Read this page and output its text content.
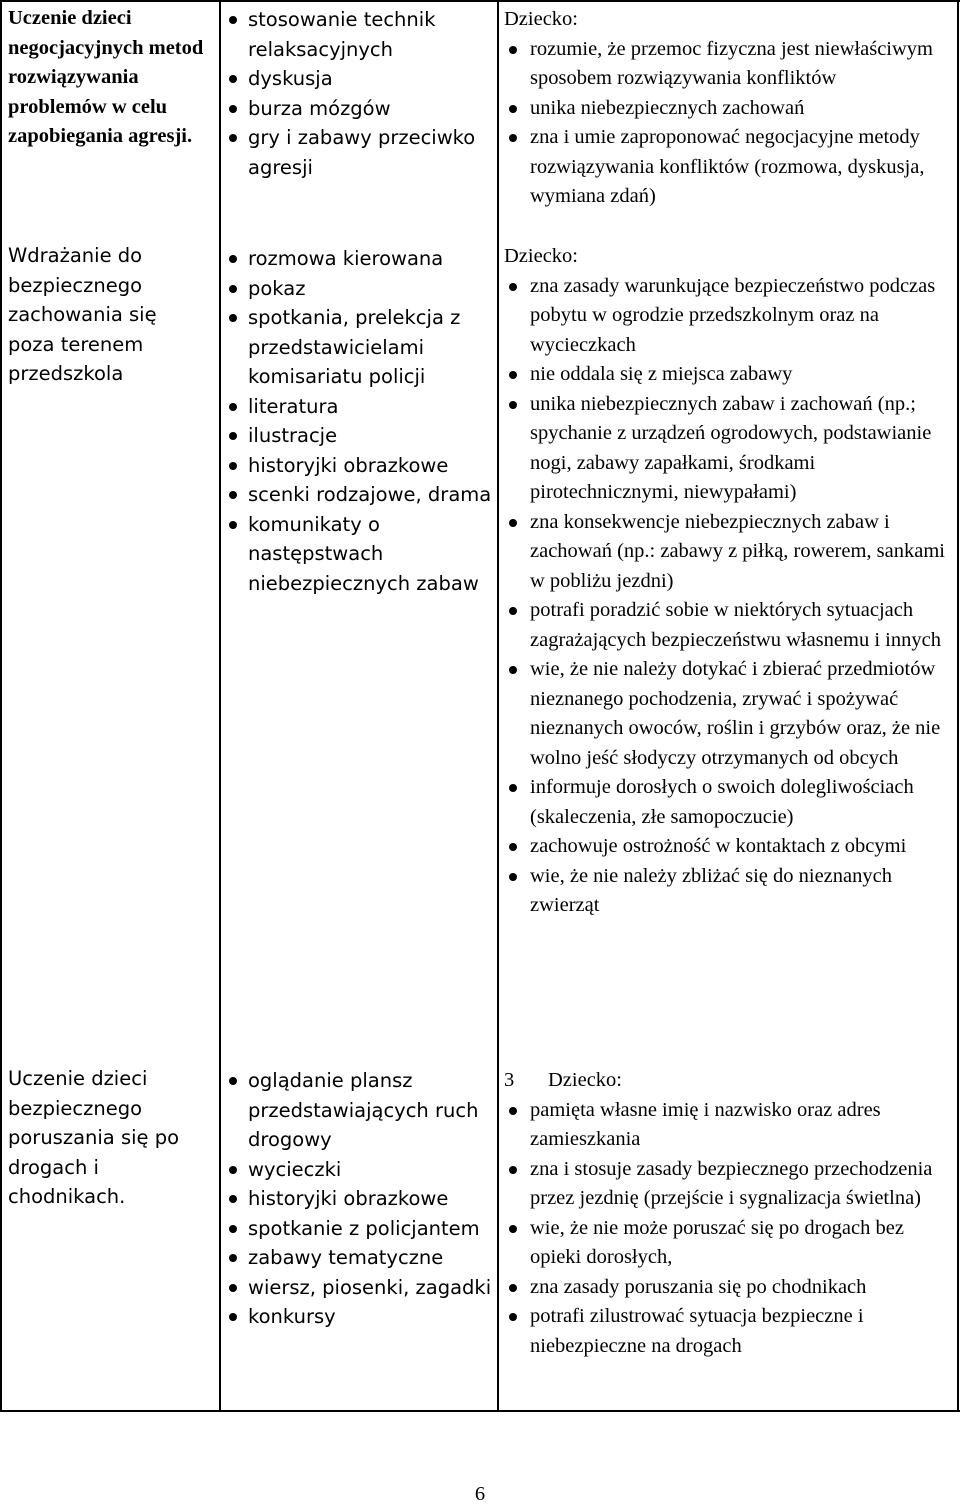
Uczenie dzieci negocjacyjnych metod rozwiązywania problemów w celu zapobiegania agresji.
Wdrażanie do bezpiecznego zachowania się poza terenem przedszkola
Uczenie dzieci bezpiecznego poruszania się po drogach i chodnikach.
stosowanie technik relaksacyjnych
dyskusja
burza mózgów
gry i zabawy przeciwko agresji
rozmowa kierowana
pokaz
spotkania, prelekcja z przedstawicielami komisariatu policji
literatura
ilustracje
historyjki obrazkowe
scenki rodzajowe, drama
komunikaty o następstwach niebezpiecznych zabaw
oglądanie plansz przedstawiających ruch drogowy
wycieczki
historyjki obrazkowe
spotkanie z policjantem
zabawy tematyczne
wiersz, piosenki, zagadki
konkursy
Dziecko:
rozumie, że przemoc fizyczna jest niewłaściwym sposobem rozwiązywania konfliktów
unika niebezpiecznych zachowań
zna i umie zaproponować negocjacyjne metody rozwiązywania konfliktów (rozmowa, dyskusja, wymiana zdań)
Dziecko:
zna zasady warunkujące bezpieczeństwo podczas pobytu w ogrodzie przedszkolnym oraz na wycieczkach
nie oddala się z miejsca zabawy
unika niebezpiecznych zabaw i zachowań (np.; spychanie z urządzeń ogrodowych, podstawianie nogi, zabawy zapałkami, środkami pirotechnicznymi, niewypałami)
zna konsekwencje niebezpiecznych zabaw i zachowań (np.: zabawy z piłką, rowerem, sankami w pobliżu jezdni)
potrafi poradzić sobie w niektórych sytuacjach zagrażających bezpieczeństwu własnemu i innych
wie, że nie należy dotykać i zbierać przedmiotów nieznanego pochodzenia, zrywać i spożywać nieznanych owoców, roślin i grzybów oraz, że nie wolno jeść słodyczy otrzymanych od obcych
informuje dorosłych o swoich dolegliwościach (skaleczenia, złe samopoczucie)
zachowuje ostrożność w kontaktach z obcymi
wie, że nie należy zbliżać się do nieznanych zwierząt
3 Dziecko:
pamięta własne imię i nazwisko oraz adres zamieszkania
zna i stosuje zasady bezpiecznego przechodzenia przez jezdnię (przejście i sygnalizacja świetlna)
wie, że nie może poruszać się po drogach bez opieki dorosłych,
zna zasady poruszania się po chodnikach
potrafi zilustrować sytuacja bezpieczne i niebezpieczne na drogach
6
